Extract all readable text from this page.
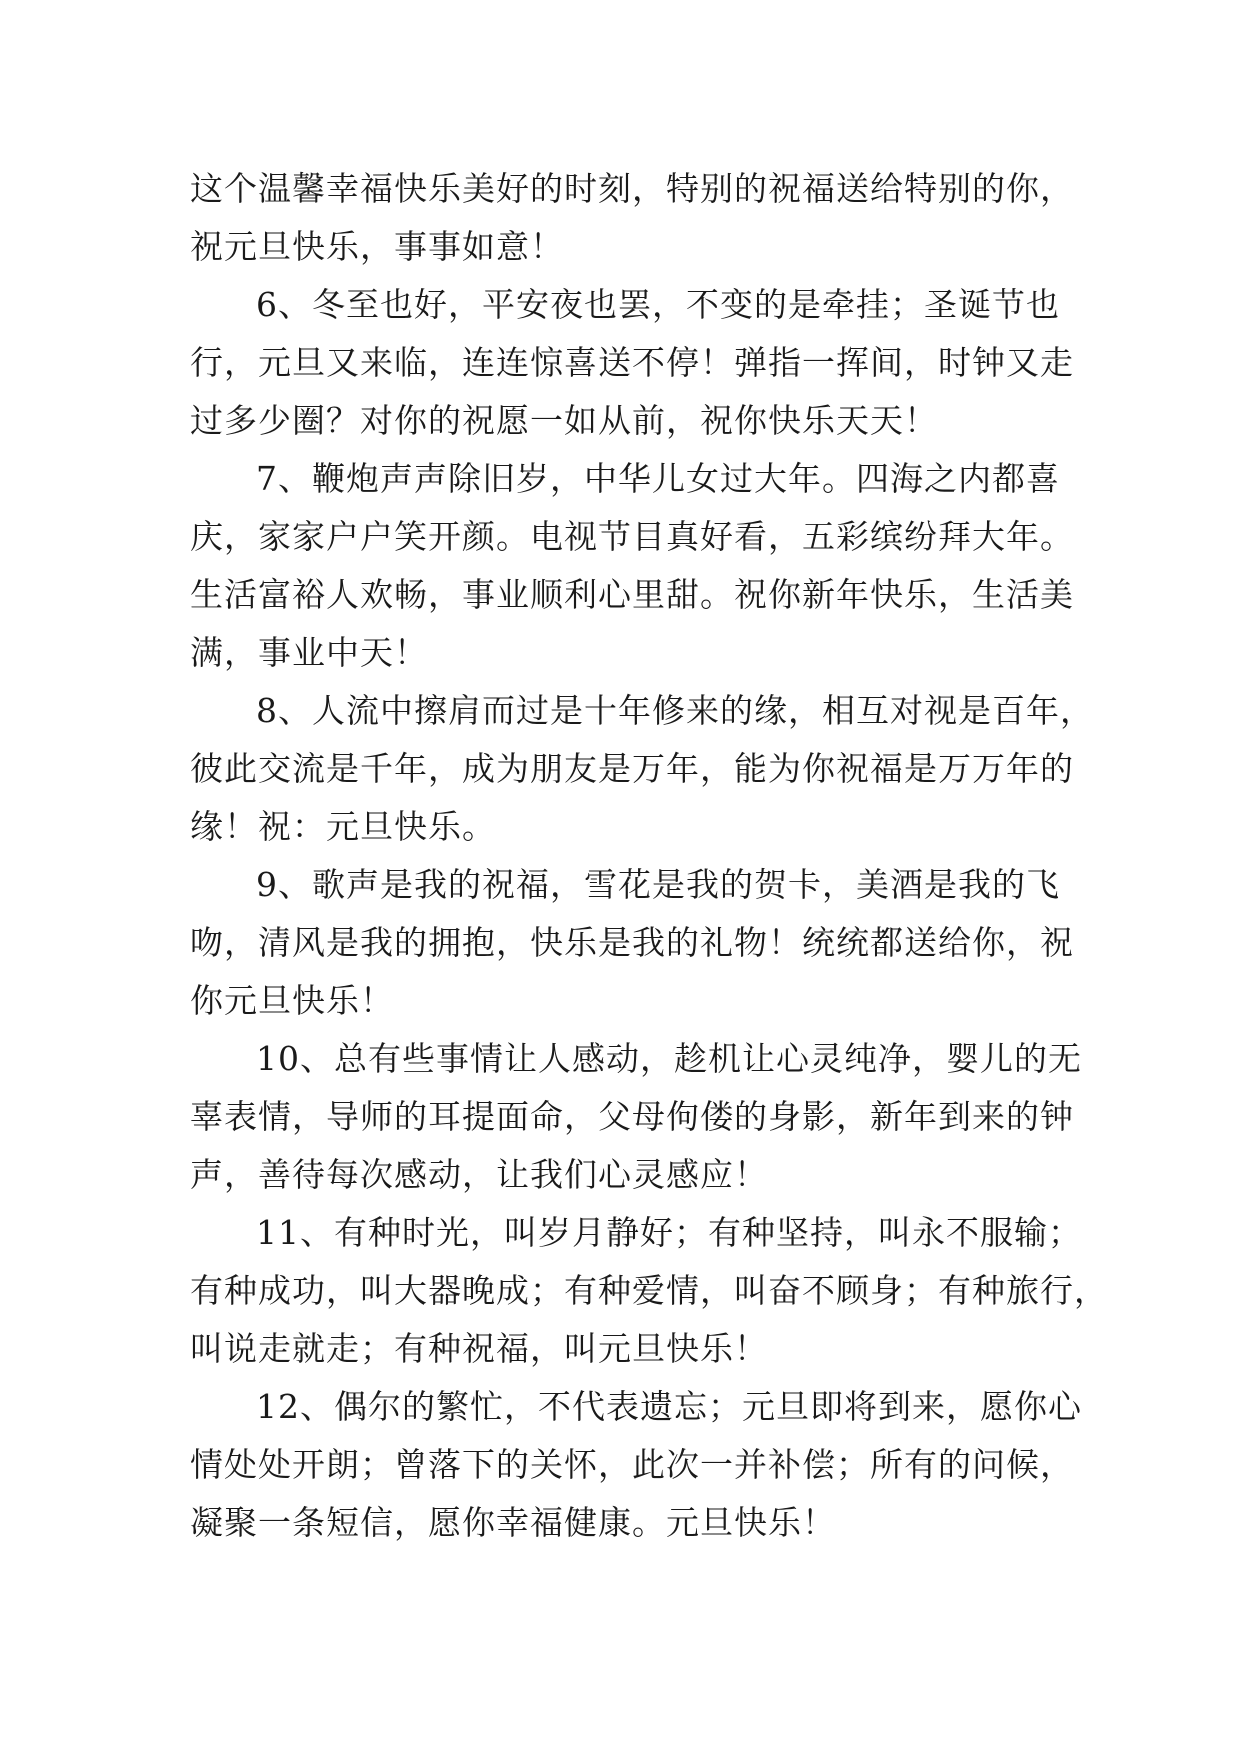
这个温馨幸福快乐美好的时刻，特别的祝福送给特别的你，
祝元旦快乐，事事如意！
6、冬至也好，平安夜也罢，不变的是牵挂；圣诞节也
行，元旦又来临，连连惊喜送不停！弹指一挥间，时钟又走
过多少圈？对你的祝愿一如从前，祝你快乐天天！
7、鞭炮声声除旧岁，中华儿女过大年。四海之内都喜
庆，家家户户笑开颜。电视节目真好看，五彩缤纷拜大年。
生活富裕人欢畅，事业顺利心里甜。祝你新年快乐，生活美
满，事业中天！
8、人流中擦肩而过是十年修来的缘，相互对视是百年，
彼此交流是千年，成为朋友是万年，能为你祝福是万万年的
缘！祝：元旦快乐。
9、歌声是我的祝福，雪花是我的贺卡，美酒是我的飞
吻，清风是我的拥抱，快乐是我的礼物！统统都送给你，祝
你元旦快乐！
10、总有些事情让人感动，趁机让心灵纯净，婴儿的无
辜表情，导师的耳提面命，父母佝偻的身影，新年到来的钟
声，善待每次感动，让我们心灵感应！
11、有种时光，叫岁月静好；有种坚持，叫永不服输；
有种成功，叫大器晚成；有种爱情，叫奋不顾身；有种旅行，
叫说走就走；有种祝福，叫元旦快乐！
12、偶尔的繁忙，不代表遗忘；元旦即将到来，愿你心
情处处开朗；曾落下的关怀，此次一并补偿；所有的问候，
凝聚一条短信，愿你幸福健康。元旦快乐！
